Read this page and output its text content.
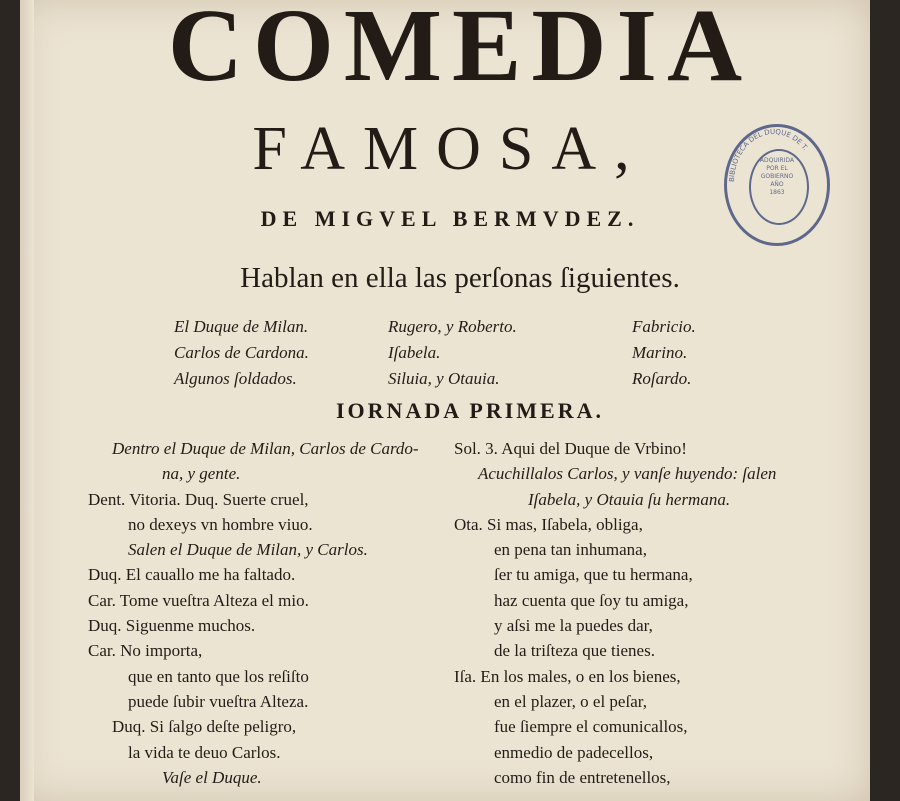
COMEDIA
FAMOSA,
DE MIGVEL BERMVDEZ.
ADQUIRIDA
POR EL
GOBIERNO
AÑO
1863
BIBLIOTECA DEL DUQUE DE T.
Hablan en ella las perſonas ſiguientes.
El Duque de Milan.
Carlos de Cardona.
Algunos ſoldados.
Rugero, y Roberto.
Iſabela.
Siluia, y Otauia.
Fabricio.
Marino.
Roſardo.
IORNADA PRIMERA.
Dentro el Duque de Milan, Carlos de Cardo-
na, y gente.
Dent. Vitoria. Duq. Suerte cruel,
no dexeys vn hombre viuo.
Salen el Duque de Milan, y Carlos.
Duq. El cauallo me ha faltado.
Car. Tome vueſtra Alteza el mio.
Duq. Siguenme muchos.
Car. No importa,
que en tanto que los reſiſto
puede ſubir vueſtra Alteza.
Duq. Si ſalgo deſte peligro,
la vida te deuo Carlos.
Vaſe el Duque.
Sol. 3. Aqui del Duque de Vrbino!
Acuchillalos Carlos, y vanſe huyendo: ſalen
Iſabela, y Otauia ſu hermana.
Ota. Si mas, Iſabela, obliga,
en pena tan inhumana,
ſer tu amiga, que tu hermana,
haz cuenta que ſoy tu amiga,
y aſsi me la puedes dar,
de la triſteza que tienes.
Iſa. En los males, o en los bienes,
en el plazer, o el peſar,
fue ſiempre el comunicallos,
enmedio de padecellos,
como fin de entretenellos,
